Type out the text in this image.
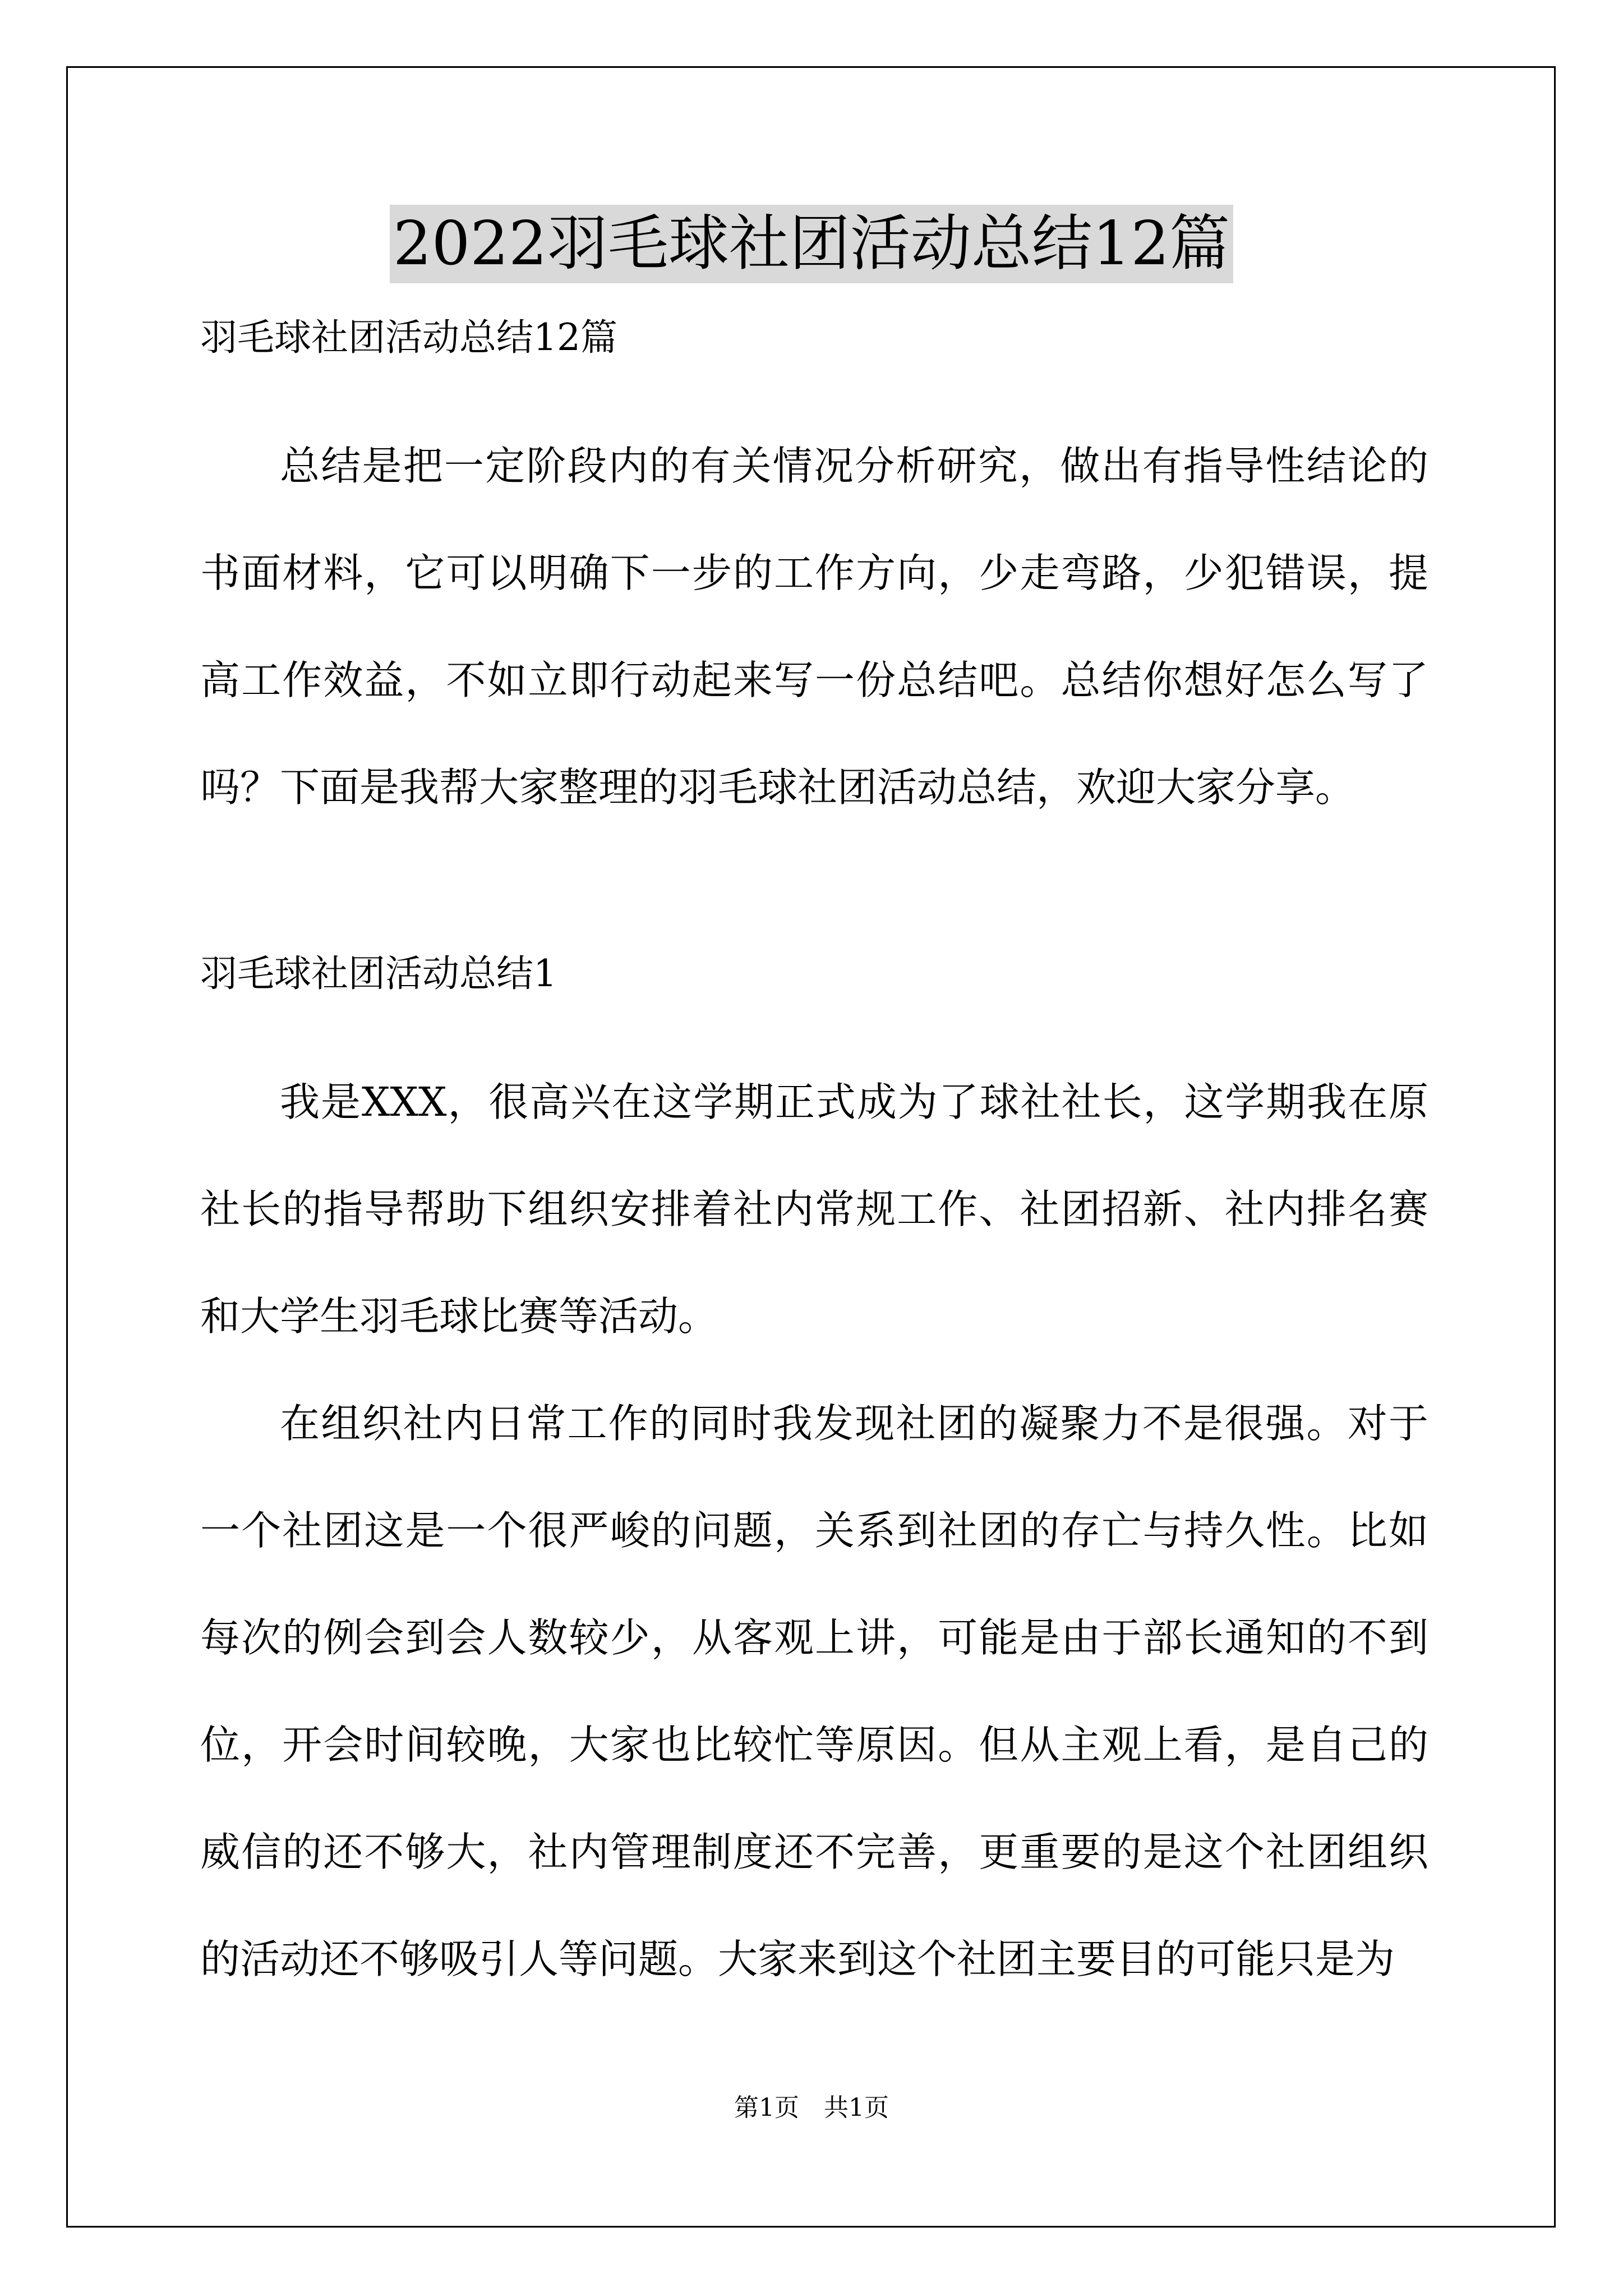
2022羽毛球社团活动总结12篇
羽毛球社团活动总结12篇

总结是把一定阶段内的有关情况分析研究，做出有指导性结论的书面材料，它可以明确下一步的工作方向，少走弯路，少犯错误，提高工作效益，不如立即行动起来写一份总结吧。总结你想好怎么写了吗？下面是我帮大家整理的羽毛球社团活动总结，欢迎大家分享。

羽毛球社团活动总结1

我是XXX，很高兴在这学期正式成为了球社社长，这学期我在原社长的指导帮助下组织安排着社内常规工作、社团招新、社内排名赛和大学生羽毛球比赛等活动。

在组织社内日常工作的同时我发现社团的凝聚力不是很强。对于一个社团这是一个很严峻的问题，关系到社团的存亡与持久性。比如每次的例会到会人数较少，从客观上讲，可能是由于部长通知的不到位，开会时间较晚，大家也比较忙等原因。但从主观上看，是自己的威信的还不够大，社内管理制度还不完善，更重要的是这个社团组织的活动还不够吸引人等问题。大家来到这个社团主要目的可能只是为

第1页　共1页
